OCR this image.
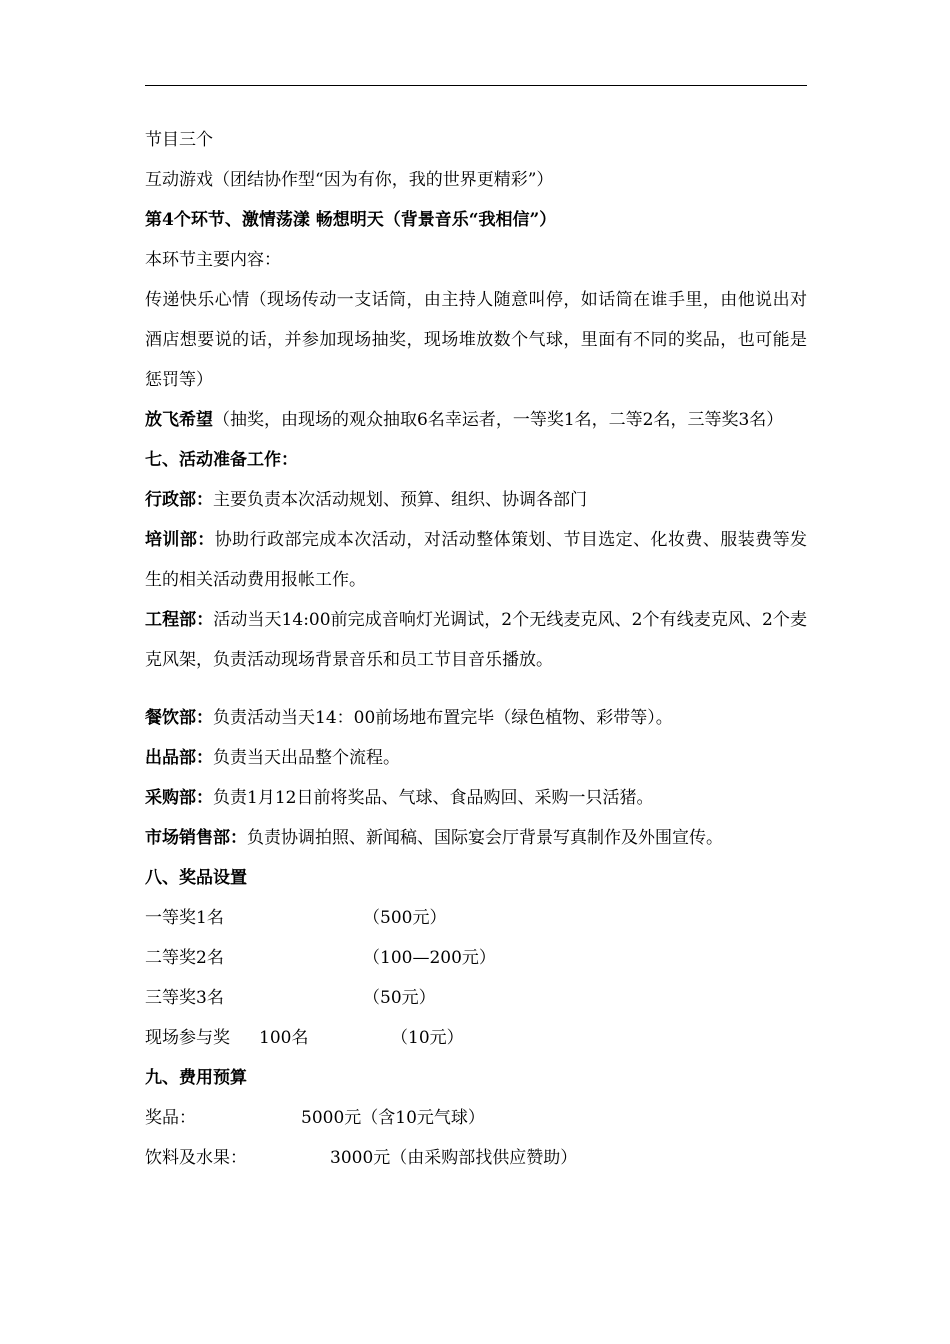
节目三个
互动游戏（团结协作型“因为有你，我的世界更精彩”）
第4个环节、激情荡漾 畅想明天（背景音乐“我相信”）
本环节主要内容：
传递快乐心情（现场传动一支话筒，由主持人随意叫停，如话筒在谁手里，由他说出对酒店想要说的话，并参加现场抽奖，现场堆放数个气球，里面有不同的奖品，也可能是惩罚等）
放飞希望（抽奖，由现场的观众抽取6名幸运者，一等奖1名，二等2名，三等奖3名）
七、活动准备工作：
行政部：主要负责本次活动规划、预算、组织、协调各部门
培训部：协助行政部完成本次活动，对活动整体策划、节目选定、化妆费、服装费等发生的相关活动费用报帐工作。
工程部：活动当天14:00前完成音响灯光调试，2个无线麦克风、2个有线麦克风、2个麦克风架，负责活动现场背景音乐和员工节目音乐播放。
餐饮部：负责活动当天14：00前场地布置完毕（绿色植物、彩带等）。
出品部：负责当天出品整个流程。
采购部：负责1月12日前将奖品、气球、食品购回、采购一只活猪。
市场销售部：负责协调拍照、新闻稿、国际宴会厅背景写真制作及外围宣传。
八、奖品设置
一等奖1名	（500元）
二等奖2名	（100—200元）
三等奖3名	（50元）
现场参与奖 100名	（10元）
九、费用预算
奖品：	5000元（含10元气球）
饮料及水果：	3000元（由采购部找供应赞助）
